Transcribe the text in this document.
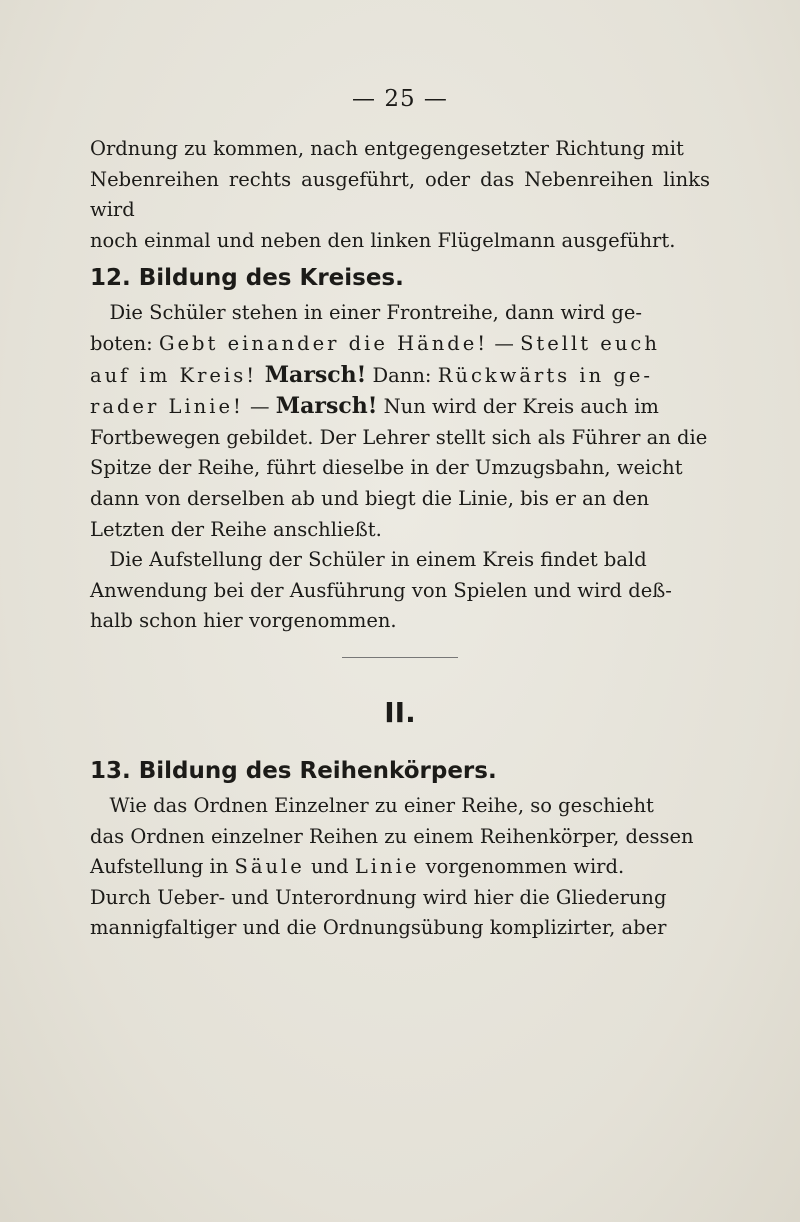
— 25 —

Ordnung zu kommen, nach entgegengesetzter Richtung mit
Nebenreihen rechts ausgeführt, oder das Nebenreihen links wird
noch einmal und neben den linken Flügelmann ausgeführt.

12. Bildung des Kreises.

 Die Schüler stehen in einer Frontreihe, dann wird ge-
boten: Gebt einander die Hände! — Stellt euch
auf im Kreis! Marsch! Dann: Rückwärts in ge-
rader Linie! — Marsch! Nun wird der Kreis auch im
Fortbewegen gebildet. Der Lehrer stellt sich als Führer an die
Spitze der Reihe, führt dieselbe in der Umzugsbahn, weicht
dann von derselben ab und biegt die Linie, bis er an den
Letzten der Reihe anschließt.

 Die Aufstellung der Schüler in einem Kreis findet bald
Anwendung bei der Ausführung von Spielen und wird deß-
halb schon hier vorgenommen.

II.
13. Bildung des Reihenkörpers.

 Wie das Ordnen Einzelner zu einer Reihe, so geschieht
das Ordnen einzelner Reihen zu einem Reihenkörper, dessen
Aufstellung in Säule und Linie vorgenommen wird.
Durch Ueber- und Unterordnung wird hier die Gliederung
mannigfaltiger und die Ordnungsübung komplizirter, aber
